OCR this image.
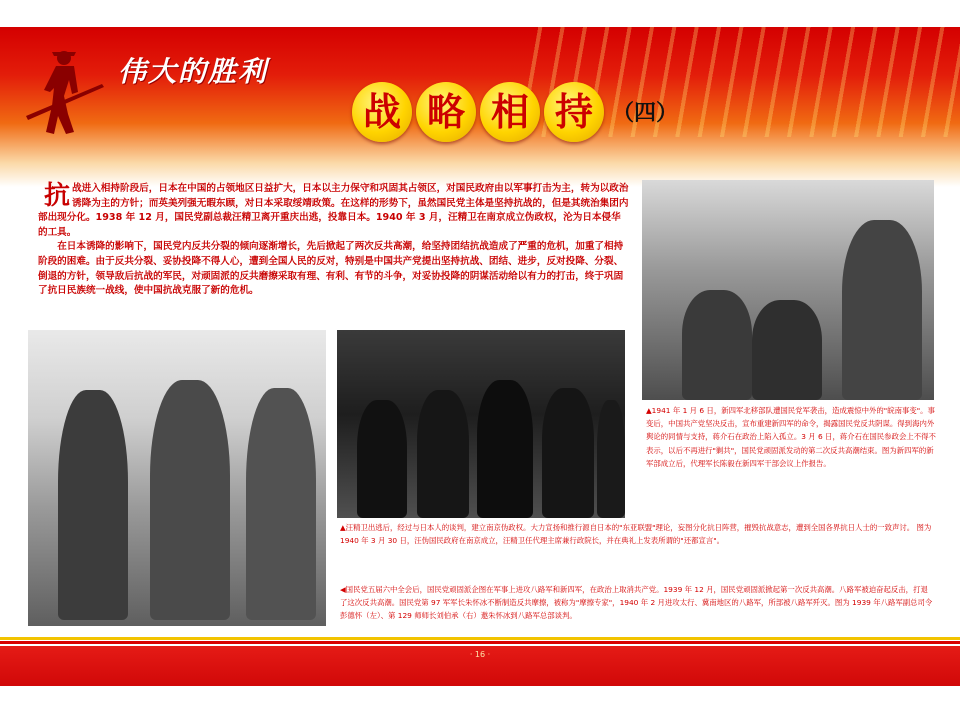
伟大的胜利
战 略 相 持 （四）

抗战进入相持阶段后，日本在中国的占领地区日益扩大，日本以主力保守和巩固其占领区，对国民政府由以军事打击为主，转为以政治诱降为主的方针；而英美列强无暇东顾，对日本采取绥靖政策。在这样的形势下，虽然国民党主体是坚持抗战的，但是其统治集团内部出现分化。1938 年 12 月，国民党副总裁汪精卫离开重庆出逃，投靠日本。1940 年 3 月，汪精卫在南京成立伪政权，沦为日本侵华的工具。

在日本诱降的影响下，国民党内反共分裂的倾向逐渐增长，先后掀起了两次反共高潮，给坚持团结抗战造成了严重的危机，加重了相持阶段的困难。由于反共分裂、妥协投降不得人心，遭到全国人民的反对，特别是中国共产党提出坚持抗战、团结、进步，反对投降、分裂、倒退的方针，领导敌后抗战的军民，对顽固派的反共磨擦采取有理、有利、有节的斗争，对妥协投降的阴谋活动给以有力的打击，终于巩固了抗日民族统一战线，使中国抗战克服了新的危机。

▲1941 年 1 月 6 日，新四军北移部队遭国民党军袭击，造成震惊中外的"皖南事变"。事变后，中国共产党坚决反击，宣布重建新四军的命令，揭露国民党反共阴谋。得到海内外舆论的同情与支持，蒋介石在政治上陷入孤立。3 月 6 日，蒋介石在国民参政会上不得不表示，以后不再进行"剿共"，国民党顽固派发动的第二次反共高潮结束。图为新四军的新军部成立后，代理军长陈毅在新四军干部会议上作报告。
▲汪精卫出逃后，经过与日本人的谈判，建立南京伪政权。大力宣扬和推行源自日本的"东亚联盟"理论，妄图分化抗日阵营，摧毁抗战意志，遭到全国各界抗日人士的一致声讨。 图为 1940 年 3 月 30 日，汪伪国民政府在南京成立，汪精卫任代理主席兼行政院长，并在典礼上发表所谓的"还都宣言"。
◀国民党五届六中全会后，国民党顽固派企图在军事上进攻八路军和新四军，在政治上取消共产党。1939 年 12 月，国民党顽固派掀起第一次反共高潮。八路军被迫奋起反击，打退了这次反共高潮。国民党第 97 军军长朱怀冰不断制造反共摩擦，被称为"摩擦专家"，1940 年 2 月进攻太行、冀南地区的八路军，所部被八路军歼灭。图为 1939 年八路军副总司令彭德怀（左）、第 129 师师长刘伯承（右）邀朱怀冰到八路军总部谈判。
· 16 ·
